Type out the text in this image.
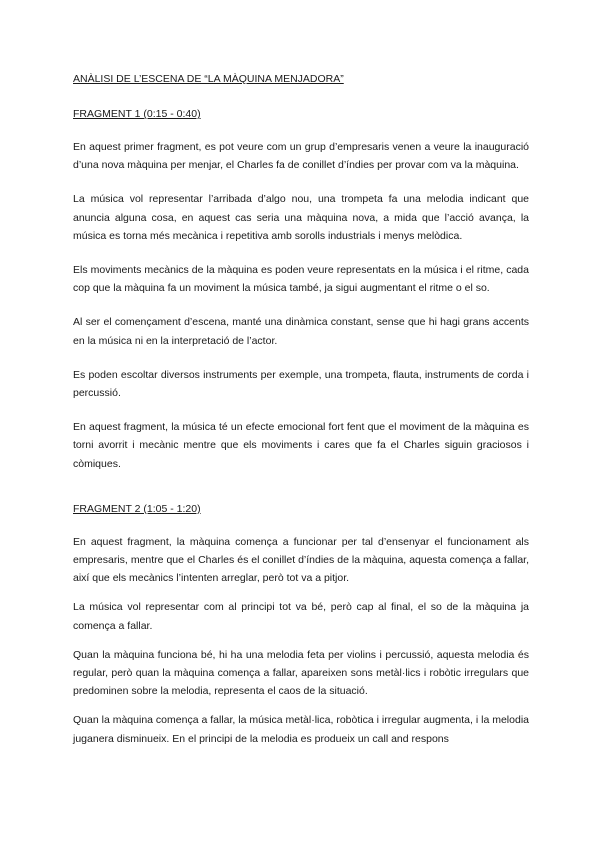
ANÀLISI DE L’ESCENA DE “LA MÀQUINA MENJADORA”
FRAGMENT 1 (0:15 - 0:40)

En aquest primer fragment, es pot veure com un grup d’empresaris venen a veure la inauguració d’una nova màquina per menjar, el Charles fa de conillet d’índies per provar com va la màquina.

La música vol representar l’arribada d’algo nou, una trompeta fa una melodia indicant que anuncia alguna cosa, en aquest cas seria una màquina nova, a mida que l’acció avança, la música es torna més mecànica i repetitiva amb sorolls industrials i menys melòdica.

Els moviments mecànics de la màquina es poden veure representats en la música i el ritme, cada cop que la màquina fa un moviment la música també, ja sigui augmentant el ritme o el so.

Al ser el començament d’escena, manté una dinàmica constant, sense que hi hagi grans accents en la música ni en la interpretació de l’actor.

Es poden escoltar diversos instruments per exemple, una trompeta, flauta, instruments de corda i percussió.

En aquest fragment, la música té un efecte emocional fort fent que el moviment de la màquina es torni avorrit i mecànic mentre que els moviments i cares que fa el Charles siguin graciosos i còmiques.

FRAGMENT 2 (1:05 - 1:20)

En aquest fragment, la màquina comença a funcionar per tal d’ensenyar el funcionament als empresaris, mentre que el Charles és el conillet d’índies de la màquina, aquesta comença a fallar, així que els mecànics l’intenten arreglar, però tot va a pitjor.

La música vol representar com al principi tot va bé, però cap al final, el so de la màquina ja comença a fallar.

Quan la màquina funciona bé, hi ha una melodia feta per violins i percussió, aquesta melodia és regular, però quan la màquina comença a fallar, apareixen sons metàl·lics i robòtic irregulars que predominen sobre la melodia, representa el caos de la situació.

Quan la màquina comença a fallar, la música metàl·lica, robòtica i irregular augmenta, i la melodia juganera disminueix. En el principi de la melodia es produeix un call and respons
